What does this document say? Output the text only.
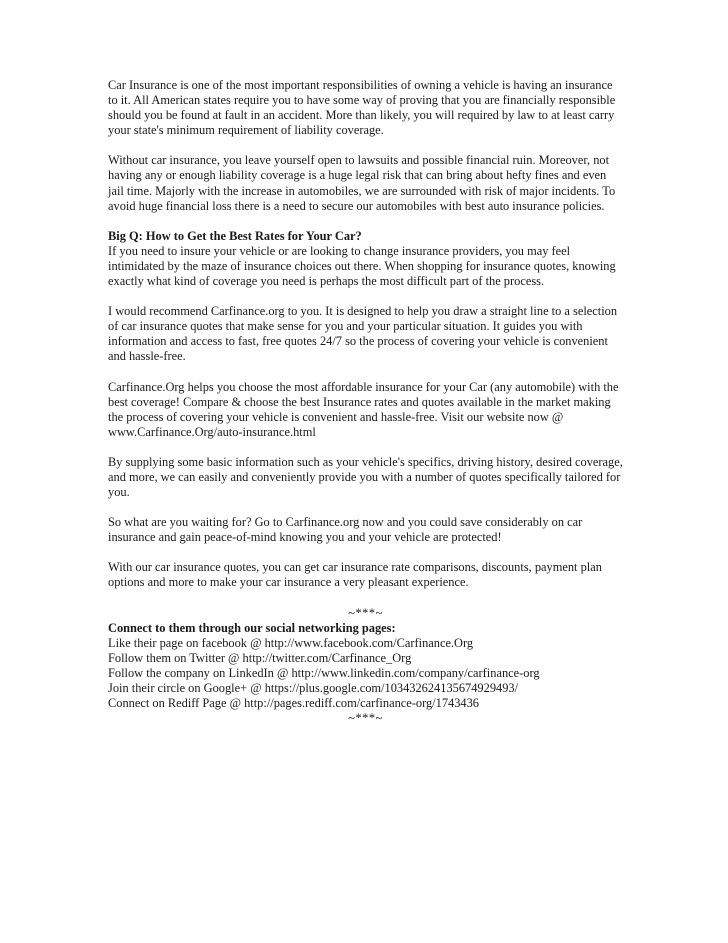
Car Insurance is one of the most important responsibilities of owning a vehicle is having an insurance to it. All American states require you to have some way of proving that you are financially responsible should you be found at fault in an accident. More than likely, you will required by law to at least carry your state's minimum requirement of liability coverage.

Without car insurance, you leave yourself open to lawsuits and possible financial ruin. Moreover, not having any or enough liability coverage is a huge legal risk that can bring about hefty fines and even jail time. Majorly with the increase in automobiles, we are surrounded with risk of major incidents. To avoid huge financial loss there is a need to secure our automobiles with best auto insurance policies.

Big Q: How to Get the Best Rates for Your Car?
If you need to insure your vehicle or are looking to change insurance providers, you may feel intimidated by the maze of insurance choices out there. When shopping for insurance quotes, knowing exactly what kind of coverage you need is perhaps the most difficult part of the process.

I would recommend Carfinance.org to you. It is designed to help you draw a straight line to a selection of car insurance quotes that make sense for you and your particular situation. It guides you with information and access to fast, free quotes 24/7 so the process of covering your vehicle is convenient and hassle-free.

Carfinance.Org helps you choose the most affordable insurance for your Car (any automobile) with the best coverage! Compare & choose the best Insurance rates and quotes available in the market making the process of covering your vehicle is convenient and hassle-free. Visit our website now @ www.Carfinance.Org/auto-insurance.html

By supplying some basic information such as your vehicle's specifics, driving history, desired coverage, and more, we can easily and conveniently provide you with a number of quotes specifically tailored for you.

So what are you waiting for? Go to Carfinance.org now and you could save considerably on car insurance and gain peace-of-mind knowing you and your vehicle are protected!

With our car insurance quotes, you can get car insurance rate comparisons, discounts, payment plan options and more to make your car insurance a very pleasant experience.

~***~

Connect to them through our social networking pages:
Like their page on facebook @ http://www.facebook.com/Carfinance.Org
Follow them on Twitter @ http://twitter.com/Carfinance_Org
Follow the company on LinkedIn @ http://www.linkedin.com/company/carfinance-org
Join their circle on Google+ @ https://plus.google.com/103432624135674929493/
Connect on Rediff Page @ http://pages.rediff.com/carfinance-org/1743436

~***~
